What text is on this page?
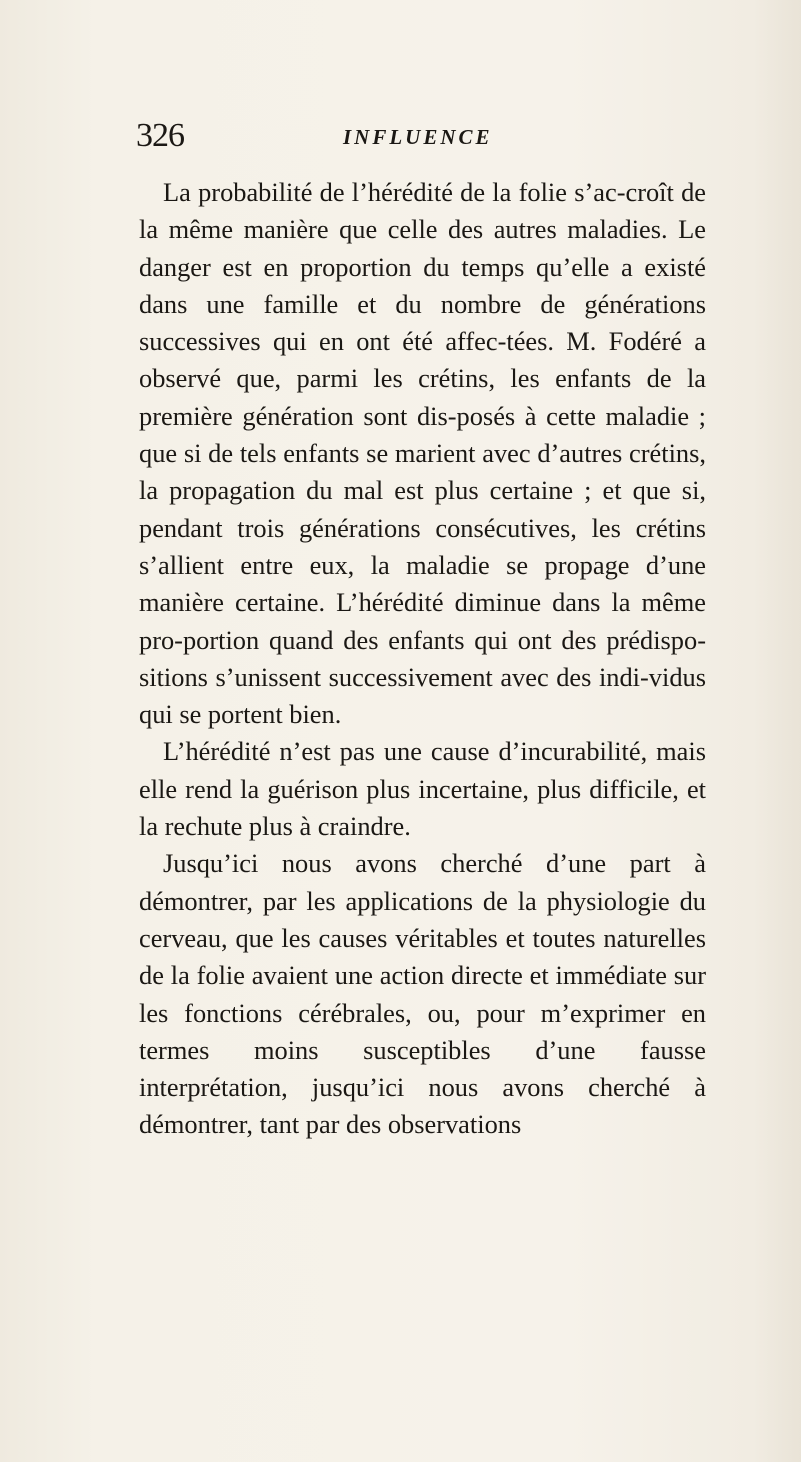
326	INFLUENCE

La probabilité de l’hérédité de la folie s’ac-croît de la même manière que celle des autres maladies. Le danger est en proportion du temps qu’elle a existé dans une famille et du nombre de générations successives qui en ont été affec-tées. M. Fodéré a observé que, parmi les crétins, les enfants de la première génération sont dis-posés à cette maladie ; que si de tels enfants se marient avec d’autres crétins, la propagation du mal est plus certaine ; et que si, pendant trois générations consécutives, les crétins s’allient entre eux, la maladie se propage d’une manière certaine. L’hérédité diminue dans la même pro-portion quand des enfants qui ont des prédispo-sitions s’unissent successivement avec des indi-vidus qui se portent bien.

L’hérédité n’est pas une cause d’incurabilité, mais elle rend la guérison plus incertaine, plus difficile, et la rechute plus à craindre.

Jusqu’ici nous avons cherché d’une part à démontrer, par les applications de la physiologie du cerveau, que les causes véritables et toutes naturelles de la folie avaient une action directe et immédiate sur les fonctions cérébrales, ou, pour m’exprimer en termes moins susceptibles d’une fausse interprétation, jusqu’ici nous avons cherché à démontrer, tant par des observations
